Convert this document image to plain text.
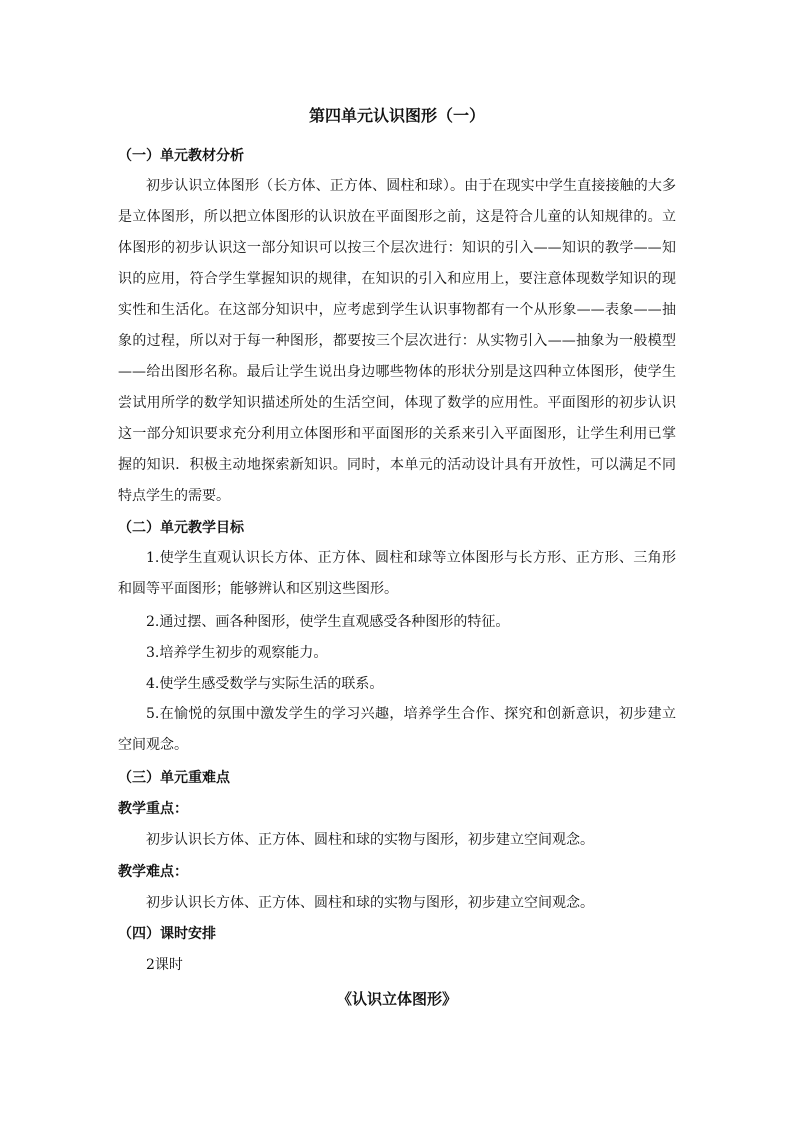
第四单元认识图形（一）
（一）单元教材分析

初步认识立体图形（长方体、正方体、圆柱和球）。由于在现实中学生直接接触的大多是立体图形，所以把立体图形的认识放在平面图形之前，这是符合儿童的认知规律的。立体图形的初步认识这一部分知识可以按三个层次进行：知识的引入——知识的教学——知识的应用，符合学生掌握知识的规律，在知识的引入和应用上，要注意体现数学知识的现实性和生活化。在这部分知识中，应考虑到学生认识事物都有一个从形象——表象——抽象的过程，所以对于每一种图形，都要按三个层次进行：从实物引入——抽象为一般模型——给出图形名称。最后让学生说出身边哪些物体的形状分别是这四种立体图形，使学生尝试用所学的数学知识描述所处的生活空间，体现了数学的应用性。平面图形的初步认识这一部分知识要求充分利用立体图形和平面图形的关系来引入平面图形，让学生利用已掌握的知识．积极主动地探索新知识。同时，本单元的活动设计具有开放性，可以满足不同特点学生的需要。

（二）单元教学目标

1.使学生直观认识长方体、正方体、圆柱和球等立体图形与长方形、正方形、三角形和圆等平面图形；能够辨认和区别这些图形。

2.通过摆、画各种图形，使学生直观感受各种图形的特征。
3.培养学生初步的观察能力。
4.使学生感受数学与实际生活的联系。

5.在愉悦的氛围中激发学生的学习兴趣，培养学生合作、探究和创新意识，初步建立空间观念。

（三）单元重难点
教学重点：
初步认识长方体、正方体、圆柱和球的实物与图形，初步建立空间观念。
教学难点：
初步认识长方体、正方体、圆柱和球的实物与图形，初步建立空间观念。
（四）课时安排
2课时
《认识立体图形》
